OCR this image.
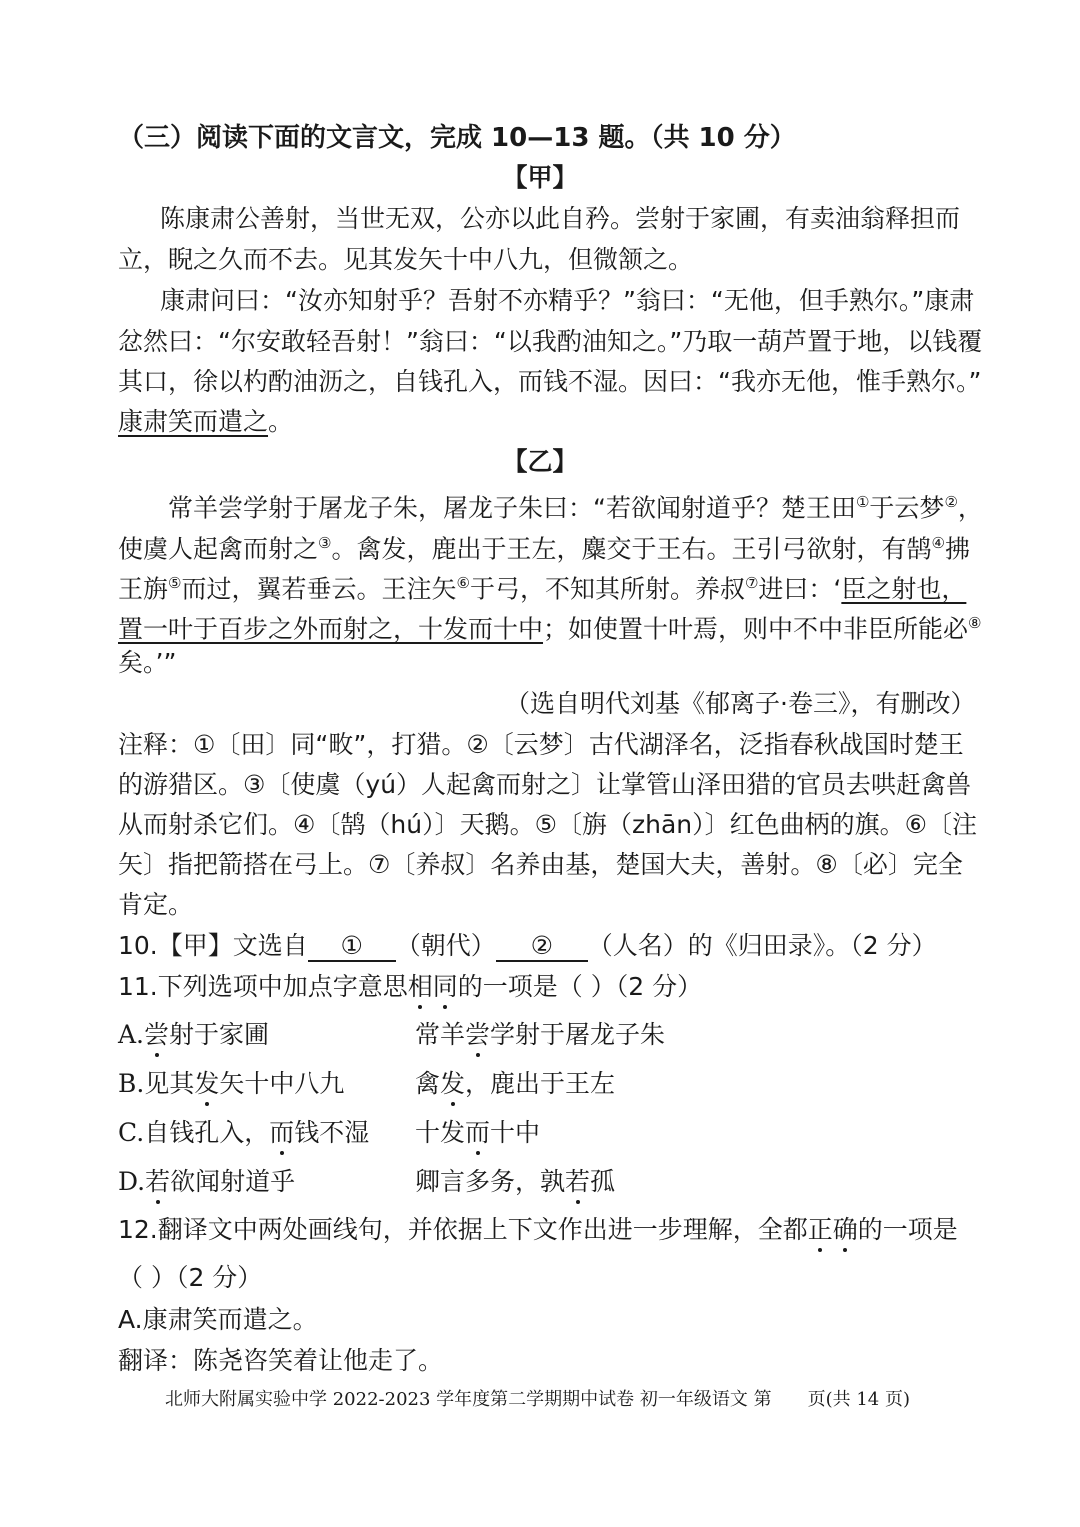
（三）阅读下面的文言文，完成 10—13 题。（共 10 分）
【甲】
陈康肃公善射，当世无双，公亦以此自矜。尝射于家圃，有卖油翁释担而
立，睨之久而不去。见其发矢十中八九，但微颔之。
康肃问曰：“汝亦知射乎？吾射不亦精乎？”翁曰：“无他，但手熟尔。”康肃
忿然曰：“尔安敢轻吾射！”翁曰：“以我酌油知之。”乃取一葫芦置于地，以钱覆
其口，徐以杓酌油沥之，自钱孔入，而钱不湿。因曰：“我亦无他，惟手熟尔。”
康肃笑而遣之。
【乙】
常羊尝学射于屠龙子朱，屠龙子朱曰：“若欲闻射道乎？楚王田①于云梦②，
使虞人起禽而射之③。禽发，鹿出于王左，麋交于王右。王引弓欲射，有鹄④拂
王旃⑤而过，翼若垂云。王注矢⑥于弓，不知其所射。养叔⑦进曰：‘臣之射也，
置一叶于百步之外而射之，十发而十中；如使置十叶焉，则中不中非臣所能必⑧
矣。’”
（选自明代刘基《郁离子·卷三》，有删改）
注释：①〔田〕同“畋”，打猎。②〔云梦〕古代湖泽名，泛指春秋战国时楚王
的游猎区。③〔使虞（yú）人起禽而射之〕让掌管山泽田猎的官员去哄赶禽兽
从而射杀它们。④〔鹄（hú）〕天鹅。⑤〔旃（zhān）〕红色曲柄的旗。⑥〔注
矢〕指把箭搭在弓上。⑦〔养叔〕名养由基，楚国大夫，善射。⑧〔必〕完全
肯定。
10.【甲】文选自 ① （朝代） ② （人名）的《归田录》。（2 分）
11.下列选项中加点字意思相同的一项是（ ）（2 分）
A.尝射于家圃	常羊尝学射于屠龙子朱
B.见其发矢十中八九	禽发，鹿出于王左
C.自钱孔入，而钱不湿 十发而十中
D.若欲闻射道乎	卿言多务，孰若孤
12.翻译文中两处画线句，并依据上下文作出进一步理解，全都正确的一项是
（ ）（2 分）
A.康肃笑而遣之。
翻译：陈尧咨笑着让他走了。
北师大附属实验中学 2022-2023 学年度第二学期期中试卷 初一年级语文 第 页(共 14 页)
